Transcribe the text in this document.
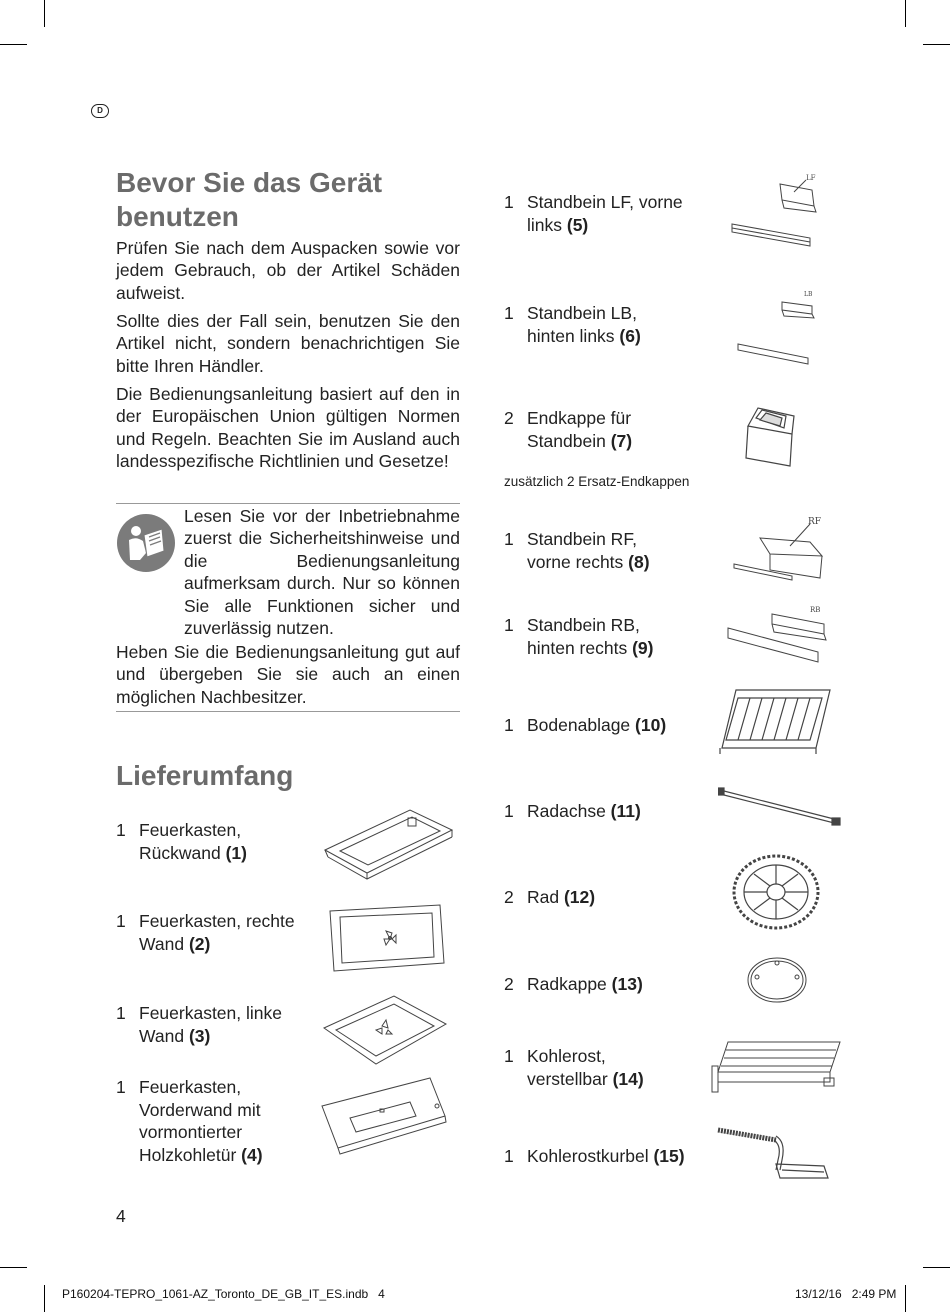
D
Bevor Sie das Gerät benutzen
Prüfen Sie nach dem Auspacken sowie vor jedem Gebrauch, ob der Artikel Schäden aufweist.
Sollte dies der Fall sein, benutzen Sie den Artikel nicht, sondern benachrichtigen Sie bitte Ihren Händler.
Die Bedienungsanleitung basiert auf den in der Europäischen Union gültigen Normen und Regeln. Beachten Sie im Ausland auch landesspezifische Richtlinien und Gesetze!
Lesen Sie vor der Inbetriebnahme zuerst die Sicherheitshinweise und die Bedienungsanleitung aufmerksam durch. Nur so können Sie alle Funktionen sicher und zuverlässig nutzen.
Heben Sie die Bedienungsanleitung gut auf und übergeben Sie sie auch an einen möglichen Nachbesitzer.
Lieferumfang
1 Feuerkasten,
Rückwand (1)
1 Feuerkasten, rechte
Wand (2)
1 Feuerkasten, linke
Wand (3)
1 Feuerkasten,
Vorderwand mit
vormontierter
Holzkohletür (4)
4
1 Standbein LF, vorne
links (5)
1 Standbein LB,
hinten links (6)
2 Endkappe für
Standbein (7)
zusätzlich 2 Ersatz-Endkappen
1 Standbein RF,
vorne rechts (8)
1 Standbein RB,
hinten rechts (9)
1 Bodenablage (10)
1 Radachse (11)
2 Rad (12)
2 Radkappe (13)
1 Kohlerost,
verstellbar (14)
1 Kohlerostkurbel (15)
LF
LB
RF
RB
P160204-TEPRO_1061-AZ_Toronto_DE_GB_IT_ES.indb   4	13/12/16   2:49 PM
